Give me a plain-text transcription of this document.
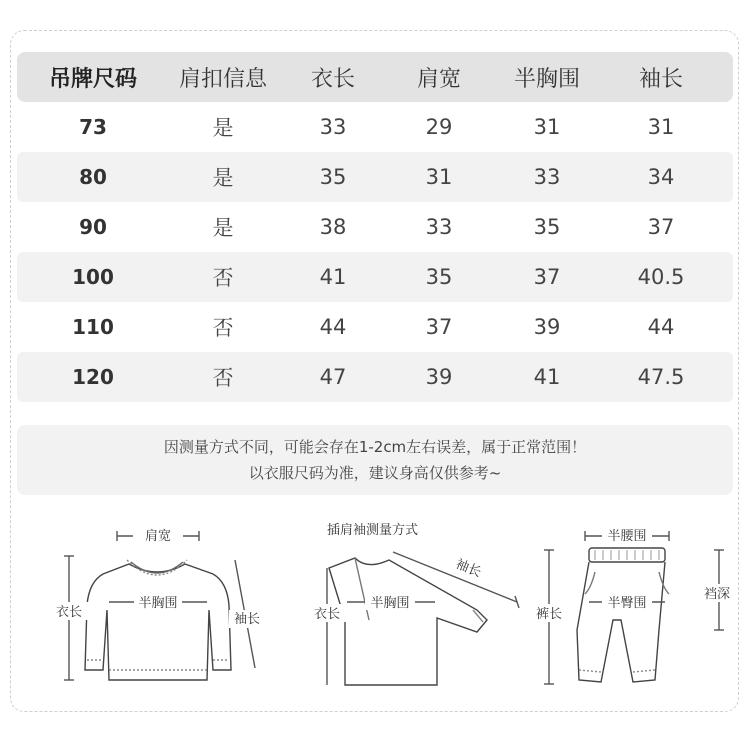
吊牌尺码	肩扣信息	衣长	肩宽	半胸围	袖长
73	是	33	29	31	31
80	是	35	31	33	34
90	是	38	33	35	37
100	否	41	35	37	40.5
110	否	44	37	39	44
120	否	47	39	41	47.5
因测量方式不同，可能会存在1-2cm左右误差，属于正常范围！
以衣服尺码为准，建议身高仅供参考~
肩宽
半胸围
衣长	袖长
插肩袖测量方式
半胸围
衣长
袖长
半腰围
半臀围
裤长
裆深
